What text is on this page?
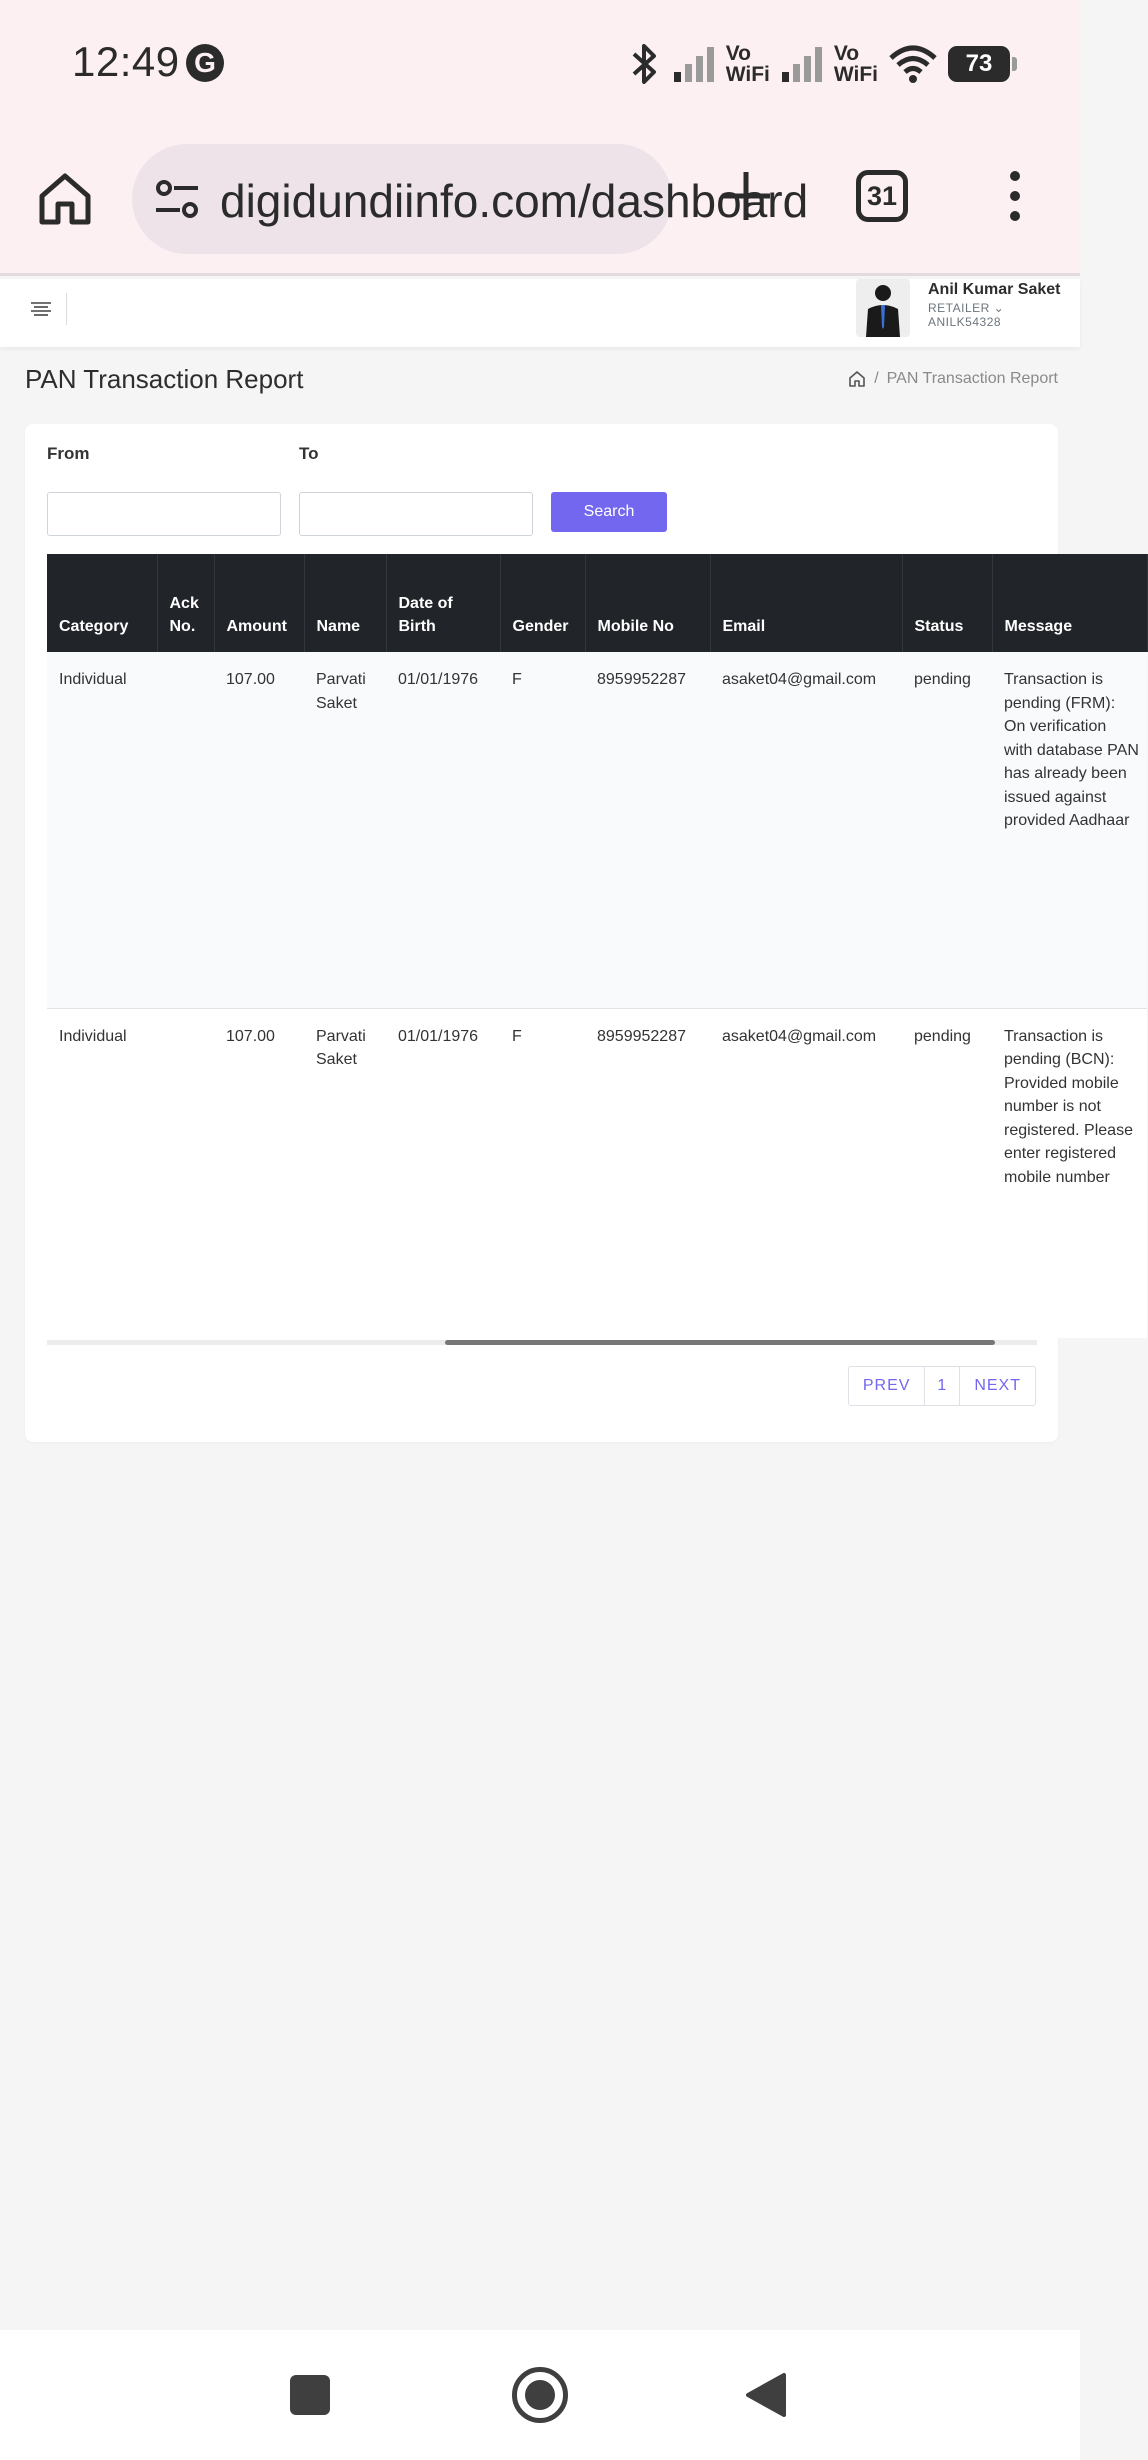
12:49 G	Vo
WiFi
Vo
WiFi	73
digidundiinfo.com/dashboard	31
Anil Kumar Saket
RETAILER ⌄
ANILK54328
PAN Transaction Report	/ PAN Transaction Report
From	To
Search
Category	Ack No.	Amount	Name	Date of Birth	Gender	Mobile No	Email	Status	Message
Individual		107.00	Parvati Saket	01/01/1976	F	8959952287	asaket04@gmail.com	pending	Transaction is pending (FRM): On verification with database PAN has already been issued against provided Aadhaar
Individual		107.00	Parvati Saket	01/01/1976	F	8959952287	asaket04@gmail.com	pending	Transaction is pending (BCN): Provided mobile number is not registered. Please enter registered mobile number
PREV	1	NEXT
